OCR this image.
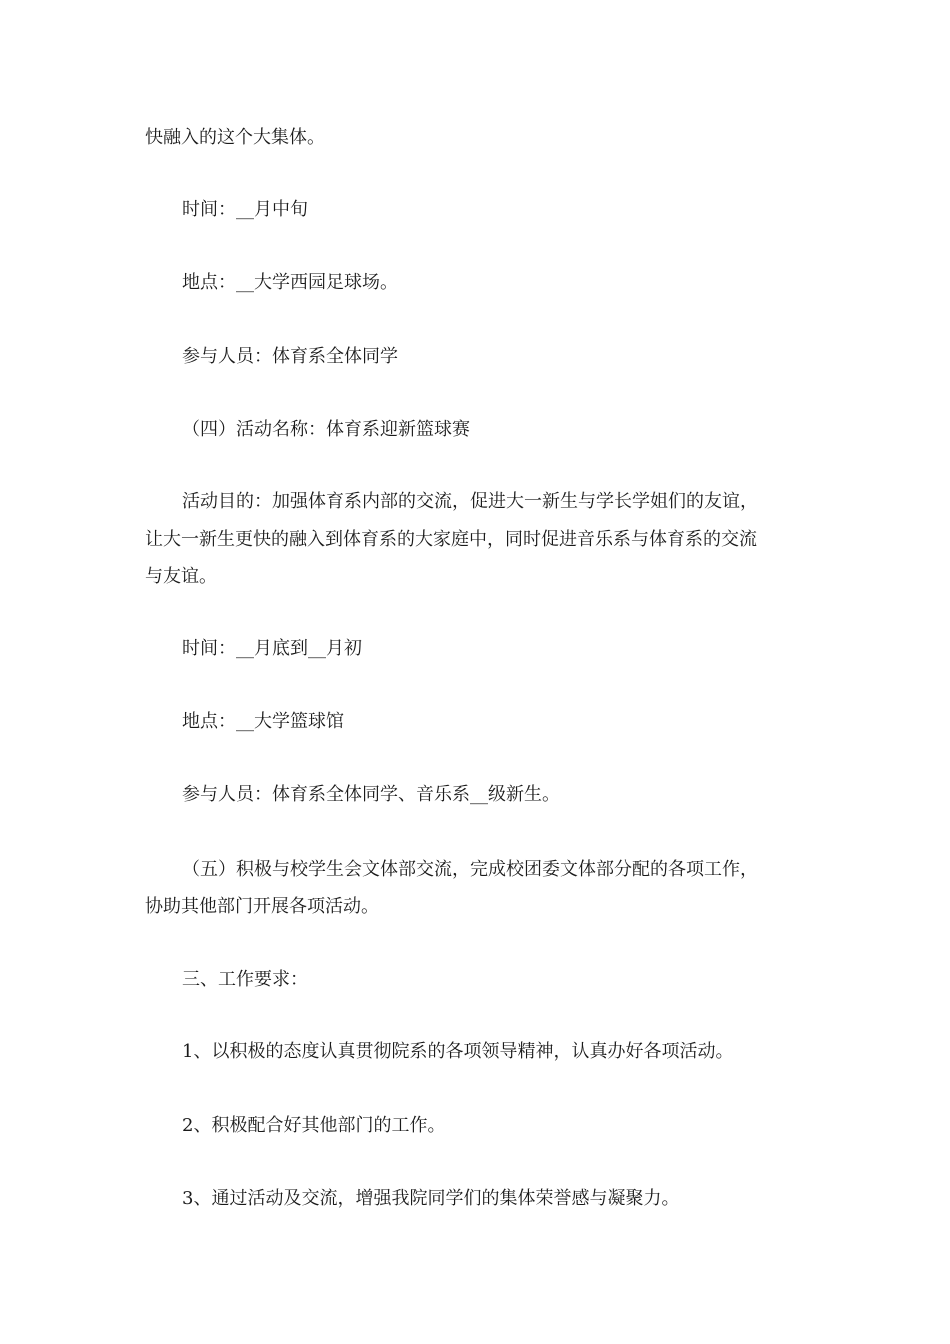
快融入的这个大集体。
时间：__月中旬
地点：__大学西园足球场。
参与人员：体育系全体同学
（四）活动名称：体育系迎新篮球赛
活动目的：加强体育系内部的交流，促进大一新生与学长学姐们的友谊，
让大一新生更快的融入到体育系的大家庭中，同时促进音乐系与体育系的交流
与友谊。
时间：__月底到__月初
地点：__大学篮球馆
参与人员：体育系全体同学、音乐系__级新生。
（五）积极与校学生会文体部交流，完成校团委文体部分配的各项工作，
协助其他部门开展各项活动。
三、工作要求：
1、以积极的态度认真贯彻院系的各项领导精神，认真办好各项活动。
2、积极配合好其他部门的工作。
3、通过活动及交流，增强我院同学们的集体荣誉感与凝聚力。
